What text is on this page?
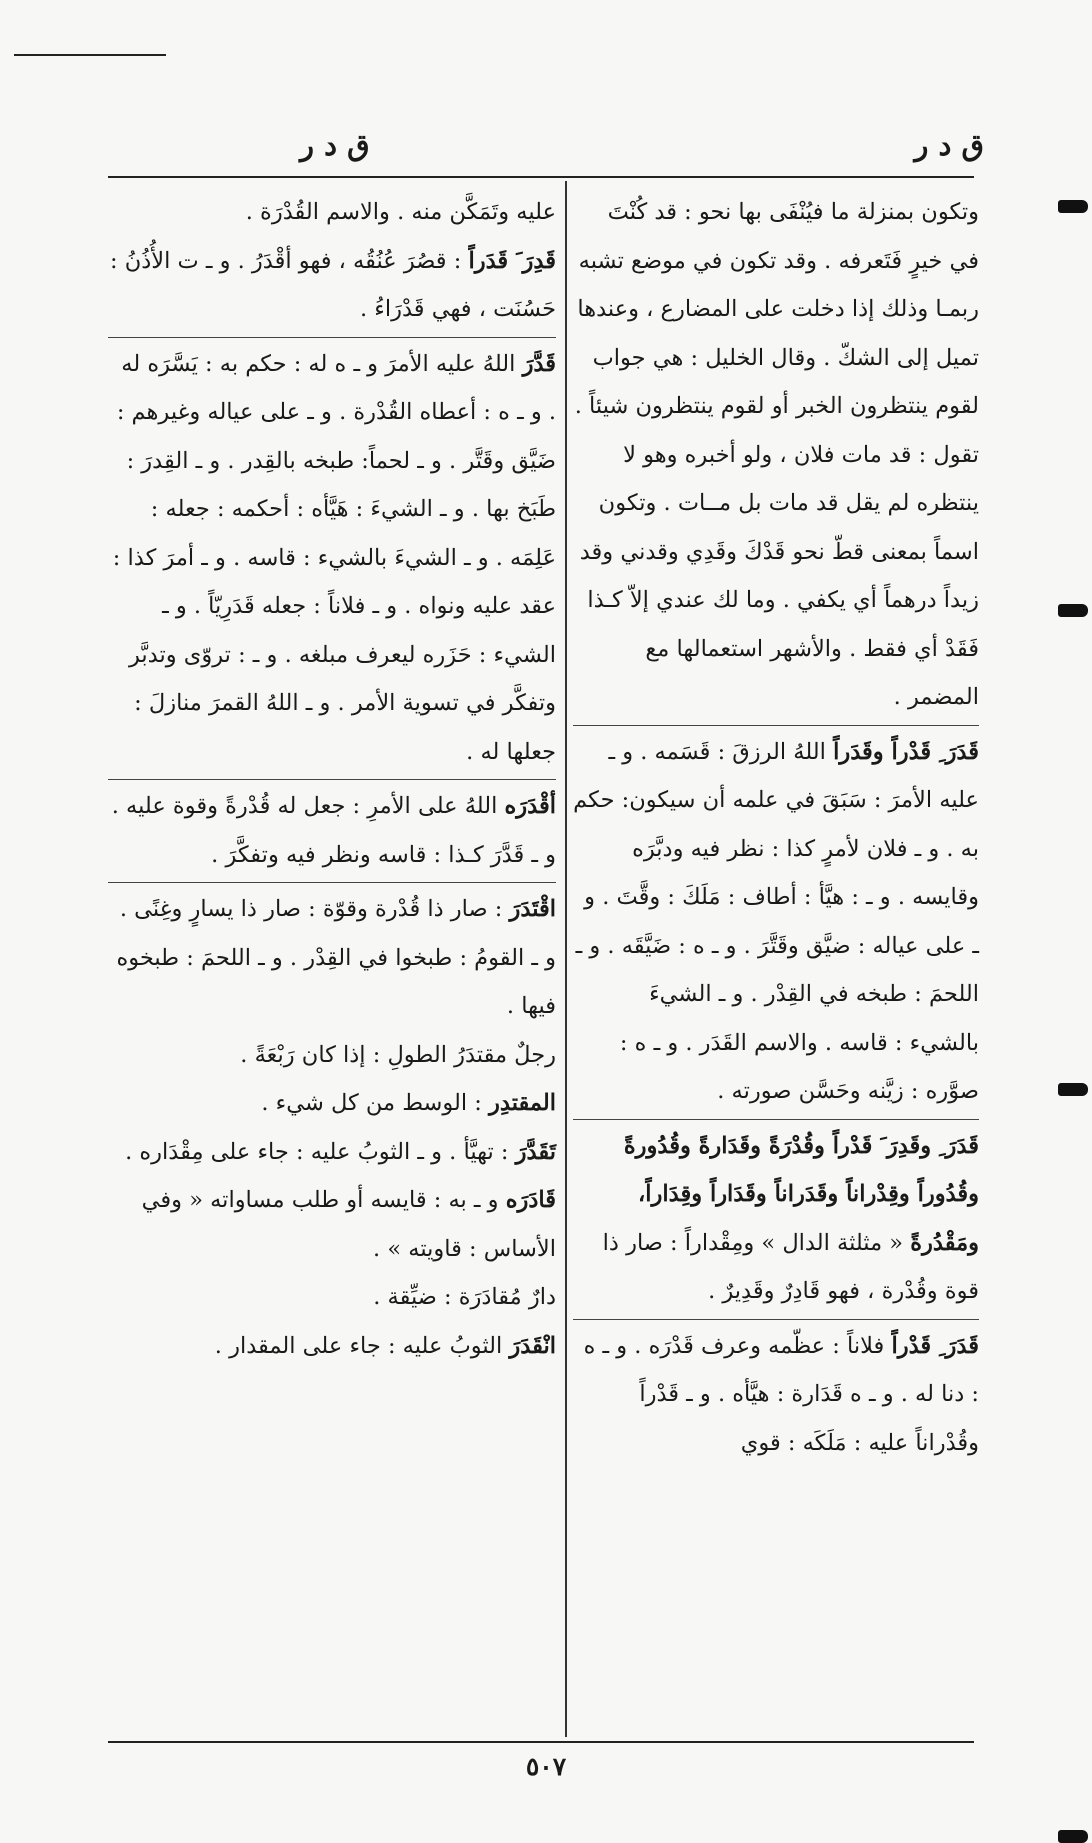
ق د ر
ق د ر

وتكون بمنزلة ما فيُنْفَى بها نحو : قد كُنْتَ في خيرٍ فَتَعرفه . وقد تكون في موضع تشبه ربمـا وذلك إذا دخلت على المضارع ، وعندها تميل إلى الشكّ . وقال الخليل : هي جواب لقوم ينتظرون الخبر أو لقوم ينتظرون شيئاً . تقول : قد مات فلان ، ولو أخبره وهو لا ينتظره لم يقل قد مات بل مــات . وتكون اسماً بمعنى قطّ نحو قَدْكَ وقَدِي وقدني وقد زيداً درهماً أي يكفي . وما لك عندي إلاّ كـذا فَقَدْ أي فقط . والأشهر استعمالها مع المضمر .

قَدَرَ ِ قَدْراً وقَدَراً اللهُ الرزقَ : قَسَمه . و ـ عليه الأمرَ : سَبَقَ في علمه أن سيكون: حكم به . و ـ فلان لأمرٍ كذا : نظر فيه ودبَّرَه وقايسه . و ـ : هيَّأ : أطاف : مَلَكَ : وقَّتَ . و ـ على عياله : ضيَّق وقَتَّرَ . و ـ ه : ضَيَّقَه . و ـ اللحمَ : طبخه في القِدْر . و ـ الشيءَ بالشيء : قاسه . والاسم القَدَر . و ـ ه : صوَّره : زيَّنه وحَسَّن صورته .

قَدَرَ ِ وقَدِرَ َ قَدْراً وقُدْرَةً وقَدَارةً وقُدُورةً وقُدُوراً وقِدْراناً وقَدَراناً وقَدَاراً وقِدَاراً، ومَقْدُرةً « مثلثة الدال » ومِقْداراً : صار ذا قوة وقُدْرة ، فهو قَادِرٌ وقَدِيرٌ .

قَدَرَ ِ قَدْراً فلاناً : عظّمه وعرف قَدْرَه . و ـ ه : دنا له . و ـ ه قَدَارة : هيَّأه . و ـ قَدْراً وقُدْراناً عليه : مَلَكَه : قوي

عليه وتَمَكَّن منه . والاسم القُدْرَة .

قَدِرَ َ قَدَراً : قصُرَ عُنُقُه ، فهو أقْدَرُ . و ـ ت الأُذُنُ : حَسُنَت ، فهي قَدْرَاءُ .

قَدَّرَ اللهُ عليه الأمرَ و ـ ه له : حكم به : يَسَّرَه له . و ـ ه : أعطاه القُدْرة . و ـ على عياله وغيرهم : ضَيَّق وقَتَّر . و ـ لحماً: طبخه بالقِدر . و ـ القِدرَ : طَبَخ بها . و ـ الشيءَ : هَيَّأه : أحكمه : جعله : عَلِمَه . و ـ الشيءَ بالشيء : قاسه . و ـ أمرَ كذا : عقد عليه ونواه . و ـ فلاناً : جعله قَدَرِيّاً . و ـ الشيء : حَزَره ليعرف مبلغه . و ـ : تروّى وتدبَّر وتفكَّر في تسوية الأمر . و ـ اللهُ القمرَ منازلَ : جعلها له .

أقْدَرَه اللهُ على الأمرِ : جعل له قُدْرةً وقوة عليه . و ـ قَدَّرَ كـذا : قاسه ونظر فيه وتفكَّرَ .

اقْتَدَرَ : صار ذا قُدْرة وقوّة : صار ذا يسارٍ وغِنًى . و ـ القومُ : طبخوا في القِدْر . و ـ اللحمَ : طبخوه فيها .

رجلٌ مقتدَرُ الطولِ : إذا كان رَبْعَةً .

المقتدِر : الوسط من كل شيء .

تَقَدَّرَ : تهيَّأ . و ـ الثوبُ عليه : جاء على مِقْدَاره .

قَادَرَه و ـ به : قايسه أو طلب مساواته « وفي الأساس : قاويته » .

دارٌ مُقادَرَة : ضيِّقة .

انْقَدَرَ الثوبُ عليه : جاء على المقدار .

٥٠٧
